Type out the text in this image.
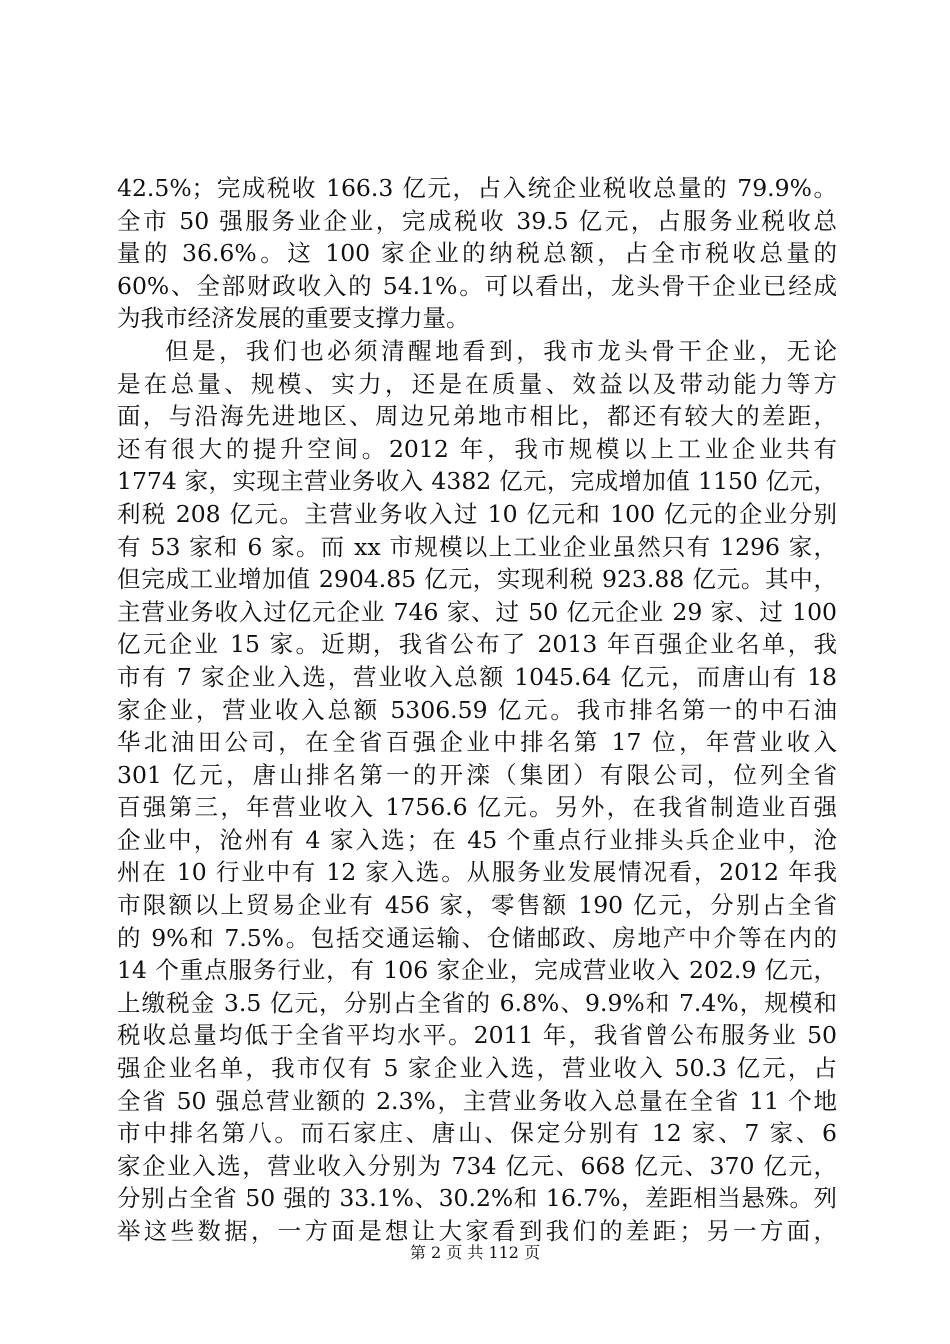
42.5%；完成税收 166.3 亿元，占入统企业税收总量的 79.9%。
全市 50 强服务业企业，完成税收 39.5 亿元，占服务业税收总
量的 36.6%。这 100 家企业的纳税总额，占全市税收总量的
60%、全部财政收入的 54.1%。可以看出，龙头骨干企业已经成
为我市经济发展的重要支撑力量。
但是，我们也必须清醒地看到，我市龙头骨干企业，无论
是在总量、规模、实力，还是在质量、效益以及带动能力等方
面，与沿海先进地区、周边兄弟地市相比，都还有较大的差距，
还有很大的提升空间。2012 年，我市规模以上工业企业共有
1774 家，实现主营业务收入 4382 亿元，完成增加值 1150 亿元，
利税 208 亿元。主营业务收入过 10 亿元和 100 亿元的企业分别
有 53 家和 6 家。而 xx 市规模以上工业企业虽然只有 1296 家，
但完成工业增加值 2904.85 亿元，实现利税 923.88 亿元。其中，
主营业务收入过亿元企业 746 家、过 50 亿元企业 29 家、过 100
亿元企业 15 家。近期，我省公布了 2013 年百强企业名单，我
市有 7 家企业入选，营业收入总额 1045.64 亿元，而唐山有 18
家企业，营业收入总额 5306.59 亿元。我市排名第一的中石油
华北油田公司，在全省百强企业中排名第 17 位，年营业收入
301 亿元，唐山排名第一的开滦（集团）有限公司，位列全省
百强第三，年营业收入 1756.6 亿元。另外，在我省制造业百强
企业中，沧州有 4 家入选；在 45 个重点行业排头兵企业中，沧
州在 10 行业中有 12 家入选。从服务业发展情况看，2012 年我
市限额以上贸易企业有 456 家，零售额 190 亿元，分别占全省
的 9%和 7.5%。包括交通运输、仓储邮政、房地产中介等在内的
14 个重点服务行业，有 106 家企业，完成营业收入 202.9 亿元，
上缴税金 3.5 亿元，分别占全省的 6.8%、9.9%和 7.4%，规模和
税收总量均低于全省平均水平。2011 年，我省曾公布服务业 50
强企业名单，我市仅有 5 家企业入选，营业收入 50.3 亿元，占
全省 50 强总营业额的 2.3%，主营业务收入总量在全省 11 个地
市中排名第八。而石家庄、唐山、保定分别有 12 家、7 家、6
家企业入选，营业收入分别为 734 亿元、668 亿元、370 亿元，
分别占全省 50 强的 33.1%、30.2%和 16.7%，差距相当悬殊。列
举这些数据，一方面是想让大家看到我们的差距；另一方面，
第 2 页 共 112 页
